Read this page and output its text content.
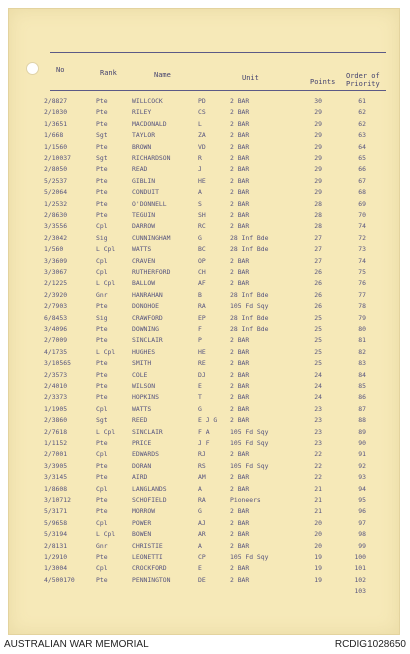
No	Rank	Name	Unit	Points
Order of
Priority
2/8827	Pte	WILLCOCK	PD	2 BAR	30	61
2/1030	Pte	RILEY	CS	2 BAR	29	62
1/3651	Pte	MACDONALD	L	2 BAR	29	62
1/668	Sgt	TAYLOR	ZA	2 BAR	29	63
1/1560	Pte	BROWN	VD	2 BAR	29	64
2/10037	Sgt	RICHARDSON	R	2 BAR	29	65
2/8050	Pte	READ	J	2 BAR	29	66
5/2537	Pte	GIBLIN	HE	2 BAR	29	67
5/2064	Pte	CONDUIT	A	2 BAR	29	68
1/2532	Pte	O'DONNELL	S	2 BAR	28	69
2/8630	Pte	TEGUIN	SH	2 BAR	28	70
3/3556	Cpl	DARROW	RC	2 BAR	28	74
2/3042	Sig	CUNNINGHAM	G	28 Inf Bde	27	72
1/560	L Cpl	WATTS	BC	28 Inf Bde	27	73
3/3609	Cpl	CRAVEN	OP	2 BAR	27	74
3/3067	Cpl	RUTHERFORD	CH	2 BAR	26	75
2/1225	L Cpl	BALLOW	AF	2 BAR	26	76
2/3920	Gnr	HANRAHAN	B	28 Inf Bde	26	77
2/7903	Pte	DONOHOE	RA	105 Fd Sqy	26	78
6/8453	Sig	CRAWFORD	EP	28 Inf Bde	25	79
3/4096	Pte	DOWNING	F	28 Inf Bde	25	80
2/7009	Pte	SINCLAIR	P	2 BAR	25	81
4/1735	L Cpl	HUGHES	HE	2 BAR	25	82
3/10565	Pte	SMITH	RE	2 BAR	25	83
2/3573	Pte	COLE	DJ	2 BAR	24	84
2/4010	Pte	WILSON	E	2 BAR	24	85
2/3373	Pte	HOPKINS	T	2 BAR	24	86
1/1905	Cpl	WATTS	G	2 BAR	23	87
2/3860	Sgt	REED	E J G	2 BAR	23	88
2/7618	L Cpl	SINCLAIR	F A	105 Fd Sqy	23	89
1/1152	Pte	PRICE	J F	105 Fd Sqy	23	90
2/7001	Cpl	EDWARDS	RJ	2 BAR	22	91
3/3905	Pte	DORAN	RS	105 Fd Sqy	22	92
3/3145	Pte	AIRD	AM	2 BAR	22	93
1/8608	Cpl	LANGLANDS	A	2 BAR	21	94
3/10712	Pte	SCHOFIELD	RA	Pioneers	21	95
5/3171	Pte	MORROW	G	2 BAR	21	96
5/9658	Cpl	POWER	AJ	2 BAR	20	97
5/3194	L Cpl	BOWEN	AR	2 BAR	20	98
2/8131	Gnr	CHRISTIE	A	2 BAR	20	99
1/2910	Pte	LEONETTI	CP	105 Fd Sqy	19	100
1/3004	Cpl	CROCKFORD	E	2 BAR	19	101
4/500170	Pte	PENNINGTON	DE	2 BAR	19	102
103
AUSTRALIAN WAR MEMORIAL	RCDIG1028650
